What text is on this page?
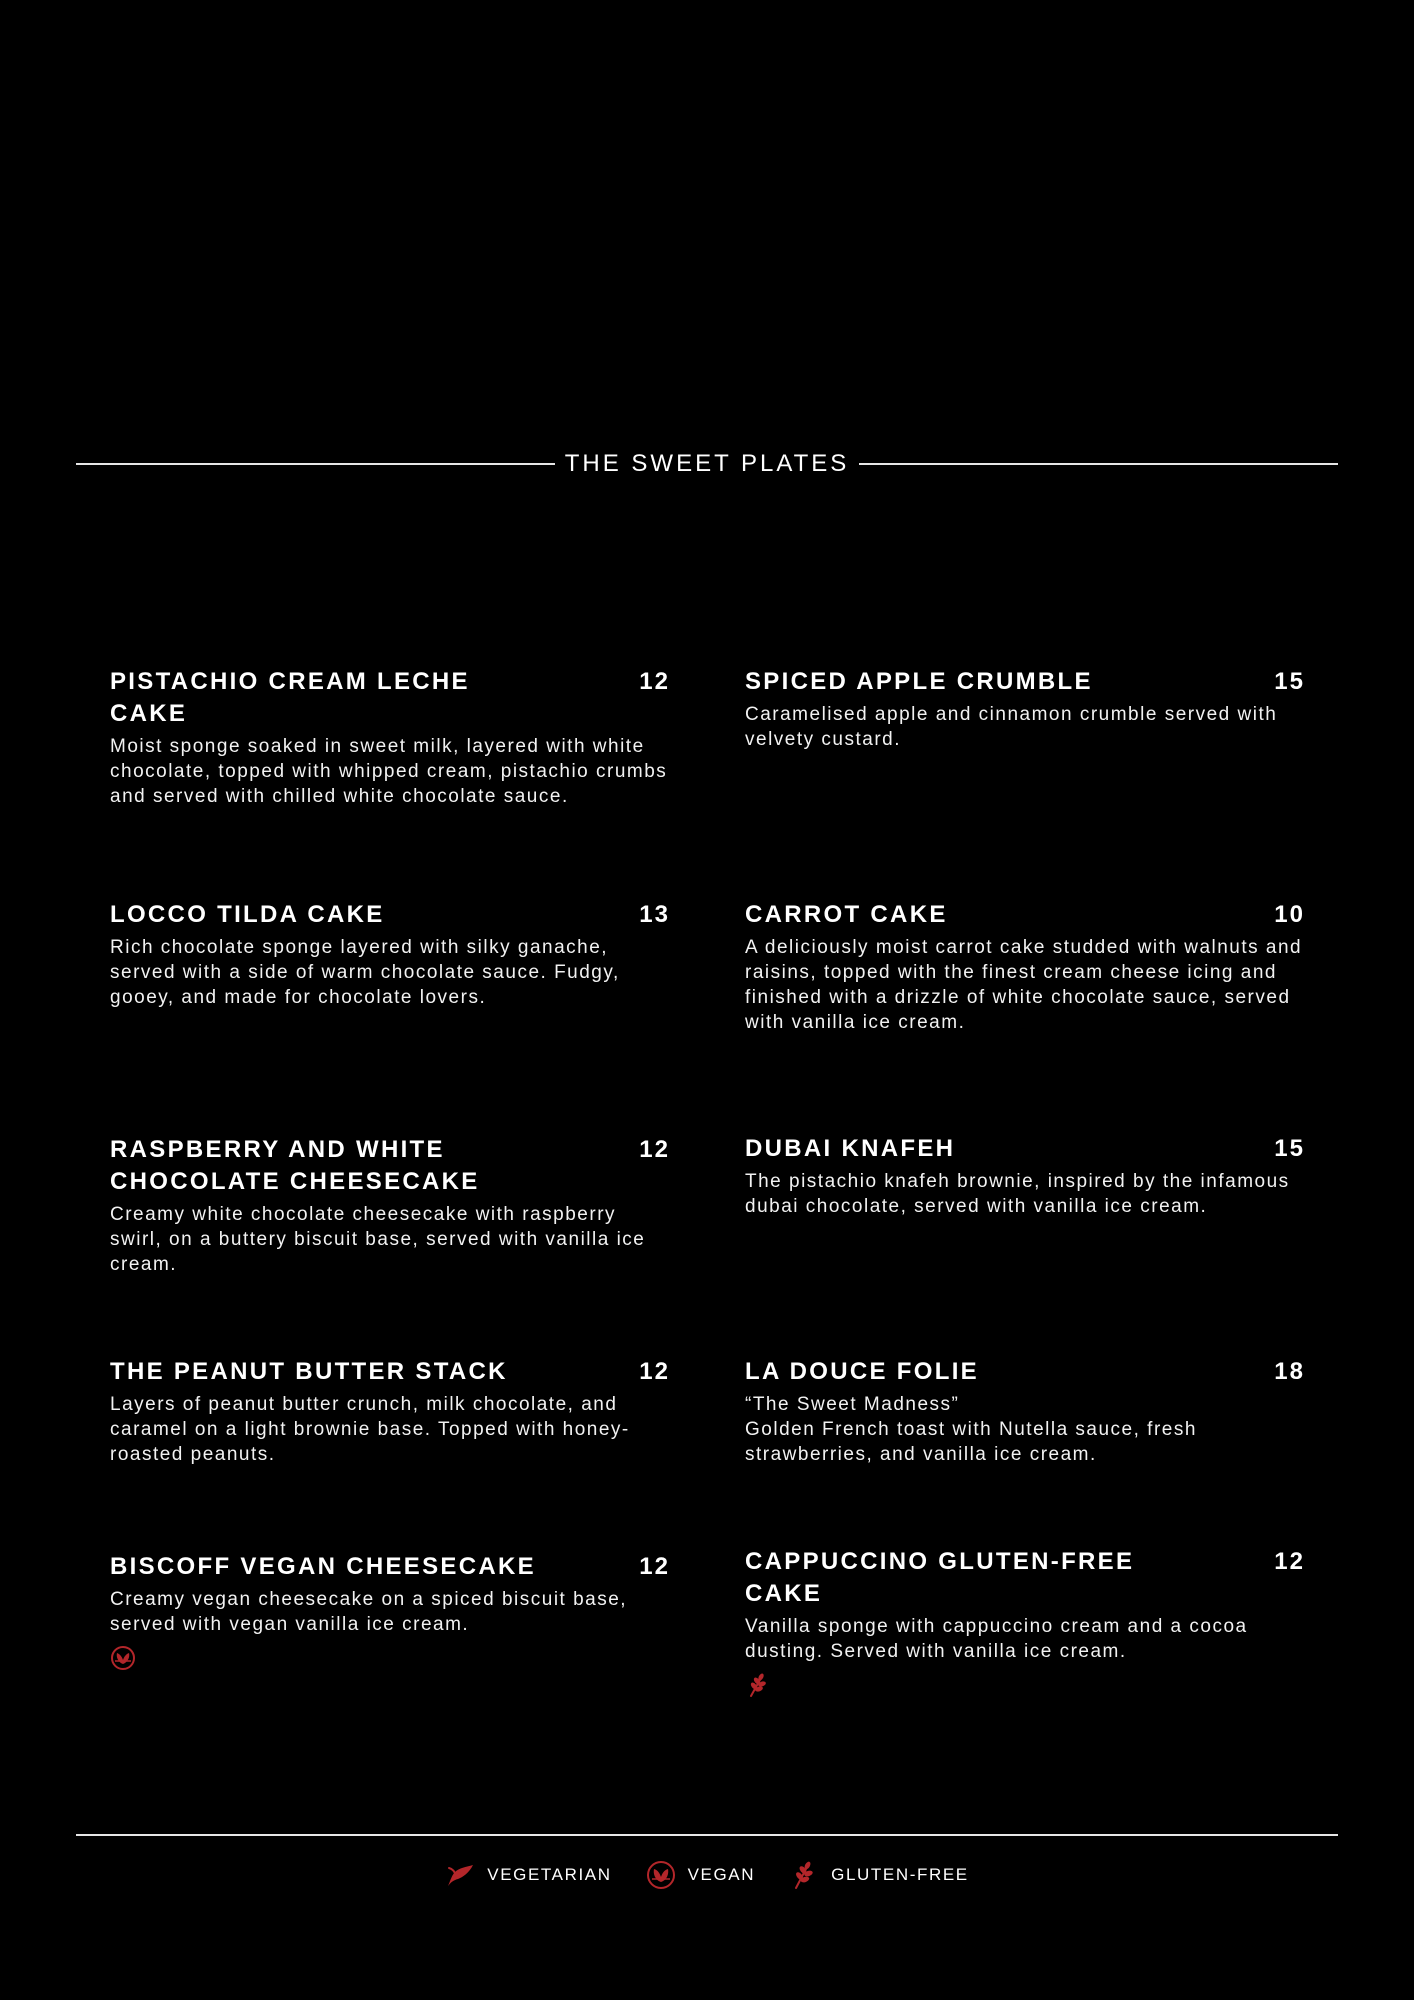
THE SWEET PLATES
PISTACHIO CREAM LECHE CAKE
12
Moist sponge soaked in sweet milk, layered with white chocolate, topped with whipped cream, pistachio crumbs and served with chilled white chocolate sauce.
SPICED APPLE CRUMBLE	15
Caramelised apple and cinnamon crumble served with velvety custard.
LOCCO TILDA CAKE	13
Rich chocolate sponge layered with silky ganache, served with a side of warm chocolate sauce. Fudgy, gooey, and made for chocolate lovers.
CARROT CAKE	10
A deliciously moist carrot cake studded with walnuts and raisins, topped with the finest cream cheese icing and finished with a drizzle of white chocolate sauce, served with vanilla ice cream.
RASPBERRY AND WHITE CHOCOLATE CHEESECAKE
12
Creamy white chocolate cheesecake with raspberry swirl, on a buttery biscuit base, served with vanilla ice cream.
DUBAI KNAFEH	15
The pistachio knafeh brownie, inspired by the infamous dubai chocolate, served with vanilla ice cream.
THE PEANUT BUTTER STACK	12
Layers of peanut butter crunch, milk chocolate, and caramel on a light brownie base. Topped with honey-roasted peanuts.
LA DOUCE FOLIE	18
“The Sweet Madness”
Golden French toast with Nutella sauce, fresh strawberries, and vanilla ice cream.
BISCOFF VEGAN CHEESECAKE	12
Creamy vegan cheesecake on a spiced biscuit base, served with vegan vanilla ice cream.
CAPPUCCINO GLUTEN-FREE CAKE
12
Vanilla sponge with cappuccino cream and a cocoa dusting. Served with vanilla ice cream.
VEGETARIAN	VEGAN	GLUTEN-FREE
